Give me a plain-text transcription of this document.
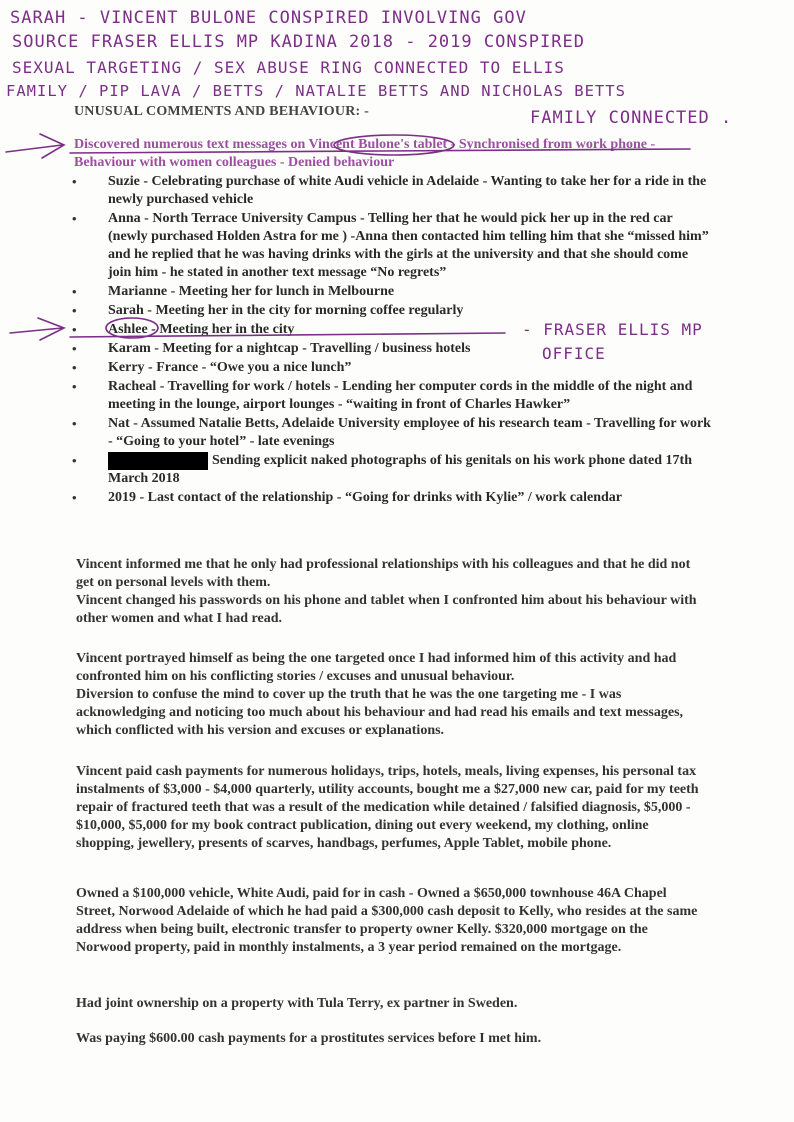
SARAH - VINCENT BULONE CONSPIRED INVOLVING GOV
SOURCE FRASER ELLIS MP KADINA 2018 - 2019 CONSPIRED
SEXUAL TARGETING / SEX ABUSE RING CONNECTED TO ELLIS
FAMILY / PIP LAVA / BETTS / NATALIE BETTS AND NICHOLAS BETTS
FAMILY CONNECTED .
UNUSUAL COMMENTS AND BEHAVIOUR: -
Discovered numerous text messages on Vincent Bulone's tablet - Synchronised from work phone - Behaviour with women colleagues - Denied behaviour
• Suzie - Celebrating purchase of white Audi vehicle in Adelaide - Wanting to take her for a ride in the newly purchased vehicle
• Anna - North Terrace University Campus - Telling her that he would pick her up in the red car (newly purchased Holden Astra for me ) -Anna then contacted him telling him that she “missed him” and he replied that he was having drinks with the girls at the university and that she should come join him - he stated in another text message “No regrets”
• Marianne - Meeting her for lunch in Melbourne
• Sarah - Meeting her in the city for morning coffee regularly
• Ashlee - Meeting her in the city
• Karam - Meeting for a nightcap - Travelling / business hotels
• Kerry - France - “Owe you a nice lunch”
• Racheal - Travelling for work / hotels - Lending her computer cords in the middle of the night and meeting in the lounge, airport lounges - “waiting in front of Charles Hawker”
• Nat - Assumed Natalie Betts, Adelaide University employee of his research team - Travelling for work - “Going to your hotel” - late evenings
•	Sending explicit naked photographs of his genitals on his work phone dated 17th March 2018
• 2019 - Last contact of the relationship - “Going for drinks with Kylie” / work calendar
- FRASER ELLIS MP
OFFICE

Vincent informed me that he only had professional relationships with his colleagues and that he did not get on personal levels with them.

Vincent changed his passwords on his phone and tablet when I confronted him about his behaviour with other women and what I had read.

Vincent portrayed himself as being the one targeted once I had informed him of this activity and had confronted him on his conflicting stories / excuses and unusual behaviour.

Diversion to confuse the mind to cover up the truth that he was the one targeting me - I was acknowledging and noticing too much about his behaviour and had read his emails and text messages, which conflicted with his version and excuses or explanations.

Vincent paid cash payments for numerous holidays, trips, hotels, meals, living expenses, his personal tax instalments of $3,000 - $4,000 quarterly, utility accounts, bought me a $27,000 new car, paid for my teeth repair of fractured teeth that was a result of the medication while detained / falsified diagnosis, $5,000 - $10,000, $5,000 for my book contract publication, dining out every weekend, my clothing, online shopping, jewellery, presents of scarves, handbags, perfumes, Apple Tablet, mobile phone.

Owned a $100,000 vehicle, White Audi, paid for in cash - Owned a $650,000 townhouse 46A Chapel Street, Norwood Adelaide of which he had paid a $300,000 cash deposit to Kelly, who resides at the same address when being built, electronic transfer to property owner Kelly. $320,000 mortgage on the Norwood property, paid in monthly instalments, a 3 year period remained on the mortgage.

Had joint ownership on a property with Tula Terry, ex partner in Sweden.

Was paying $600.00 cash payments for a prostitutes services before I met him.
